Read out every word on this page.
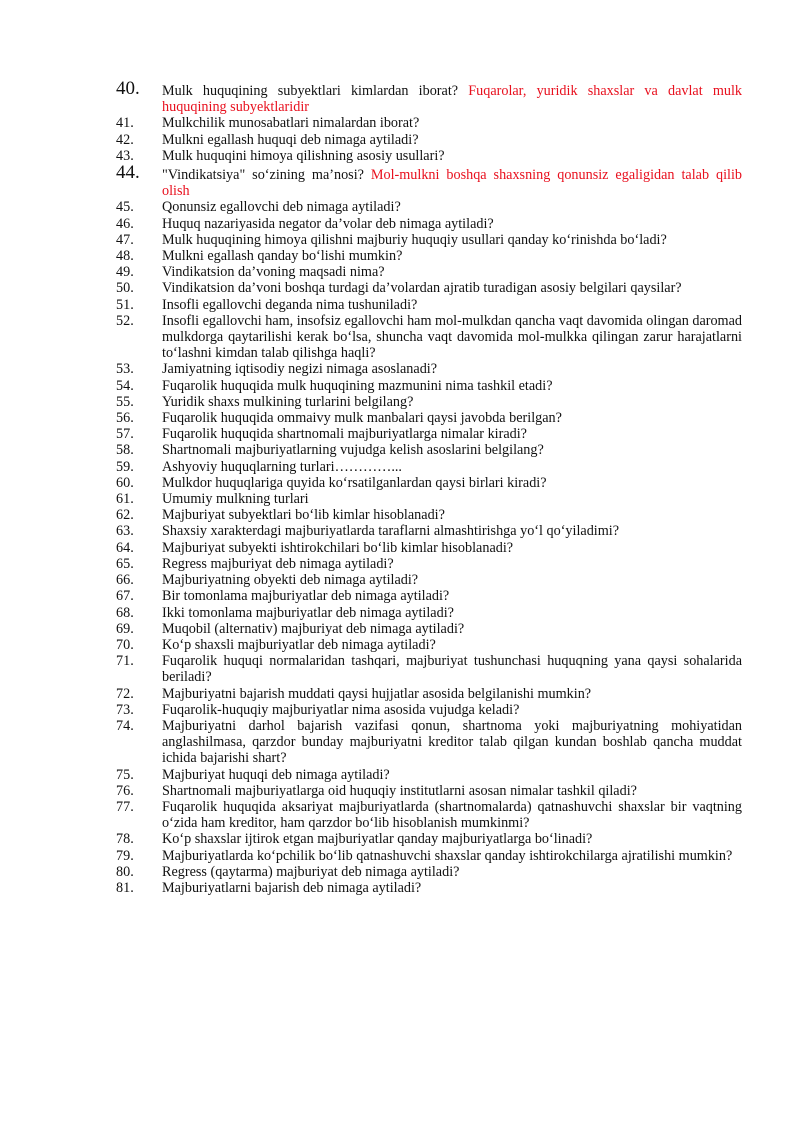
40. Mulk huquqining subyektlari kimlardan iborat? Fuqarolar, yuridik shaxslar va davlat mulk huquqining subyektlaridir
41. Mulkchilik munosabatlari nimalardan iborat?
42. Mulkni egallash huquqi deb nimaga aytiladi?
43. Mulk huquqini himoya qilishning asosiy usullari?
44. "Vindikatsiya" so‘zining ma’nosi? Mol-mulkni boshqa shaxsning qonunsiz egaligidan talab qilib olish
45. Qonunsiz egallovchi deb nimaga aytiladi?
46. Huquq nazariyasida negator da’volar deb nimaga aytiladi?
47. Mulk huquqining himoya qilishni majburiy huquqiy usullari qanday ko‘rinishda bo‘ladi?
48. Mulkni egallash qanday bo‘lishi mumkin?
49. Vindikatsion da’voning maqsadi nima?
50. Vindikatsion da’voni boshqa turdagi da’volardan ajratib turadigan asosiy belgilari qaysilar?
51. Insofli egallovchi deganda nima tushuniladi?
52. Insofli egallovchi ham, insofsiz egallovchi ham mol-mulkdan qancha vaqt davomida olingan daromad mulkdorga qaytarilishi kerak bo‘lsa, shuncha vaqt davomida mol-mulkka qilingan zarur harajatlarni to‘lashni kimdan talab qilishga haqli?
53. Jamiyatning iqtisodiy negizi nimaga asoslanadi?
54. Fuqarolik huquqida mulk huquqining mazmunini nima tashkil etadi?
55. Yuridik shaxs mulkining turlarini belgilang?
56. Fuqarolik huquqida ommaivy mulk manbalari qaysi javobda berilgan?
57. Fuqarolik huquqida shartnomali majburiyatlarga nimalar kiradi?
58. Shartnomali majburiyatlarning vujudga kelish asoslarini belgilang?
59. Ashyoviy huquqlarning turlari…………...
60. Mulkdor huquqlariga quyida ko‘rsatilganlardan qaysi birlari kiradi?
61. Umumiy mulkning turlari
62. Majburiyat subyektlari bo‘lib kimlar hisoblanadi?
63. Shaxsiy xarakterdagi majburiyatlarda taraflarni almashtirishga yo‘l qo‘yiladimi?
64. Majburiyat subyekti ishtirokchilari bo‘lib kimlar hisoblanadi?
65. Regress majburiyat deb nimaga aytiladi?
66. Majburiyatning obyekti deb nimaga aytiladi?
67. Bir tomonlama majburiyatlar deb nimaga aytiladi?
68. Ikki tomonlama majburiyatlar deb nimaga aytiladi?
69. Muqobil (alternativ) majburiyat deb nimaga aytiladi?
70. Ko‘p shaxsli majburiyatlar deb nimaga aytiladi?
71. Fuqarolik huquqi normalaridan tashqari, majburiyat tushunchasi huquqning yana qaysi sohalarida beriladi?
72. Majburiyatni bajarish muddati qaysi hujjatlar asosida belgilanishi mumkin?
73. Fuqarolik-huquqiy majburiyatlar nima asosida vujudga keladi?
74. Majburiyatni darhol bajarish vazifasi qonun, shartnoma yoki majburiyatning mohiyatidan anglashilmasa, qarzdor bunday majburiyatni kreditor talab qilgan kundan boshlab qancha muddat ichida bajarishi shart?
75. Majburiyat huquqi deb nimaga aytiladi?
76. Shartnomali majburiyatlarga oid huquqiy institutlarni asosan nimalar tashkil qiladi?
77. Fuqarolik huquqida aksariyat majburiyatlarda (shartnomalarda) qatnashuvchi shaxslar bir vaqtning o‘zida ham kreditor, ham qarzdor bo‘lib hisoblanish mumkinmi?
78. Ko‘p shaxslar ijtirok etgan majburiyatlar qanday majburiyatlarga bo‘linadi?
79. Majburiyatlarda ko‘pchilik bo‘lib qatnashuvchi shaxslar qanday ishtirokchilarga ajratilishi mumkin?
80. Regress (qaytarma) majburiyat deb nimaga aytiladi?
81. Majburiyatlarni bajarish deb nimaga aytiladi?
